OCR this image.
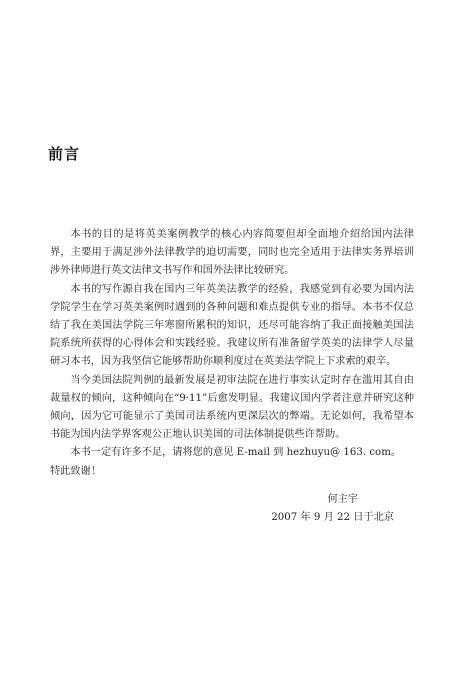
前言

本书的目的是将英美案例教学的核心内容简要但却全面地介绍给国内法律界，主要用于满足涉外法律教学的迫切需要，同时也完全适用于法律实务界培训涉外律师进行英文法律文书写作和国外法律比较研究。

本书的写作源自我在国内三年英美法教学的经验，我感觉到有必要为国内法学院学生在学习英美案例时遇到的各种问题和难点提供专业的指导。本书不仅总结了我在美国法学院三年寒窗所累积的知识，还尽可能容纳了我正面接触美国法院系统所获得的心得体会和实践经验。我建议所有准备留学英美的法律学人尽量研习本书，因为我坚信它能够帮助你顺利度过在英美法学院上下求索的艰辛。

当今美国法院判例的最新发展是初审法院在进行事实认定时存在滥用其自由裁量权的倾向，这种倾向在“9·11”后愈发明显。我建议国内学者注意并研究这种倾向，因为它可能显示了美国司法系统内更深层次的弊端。无论如何，我希望本书能为国内法学界客观公正地认识美国的司法体制提供些许帮助。

本书一定有许多不足，请将您的意见 E-mail 到 hezhuyu@ 163. com。

特此致谢！

何主宇
2007 年 9 月 22 日于北京
